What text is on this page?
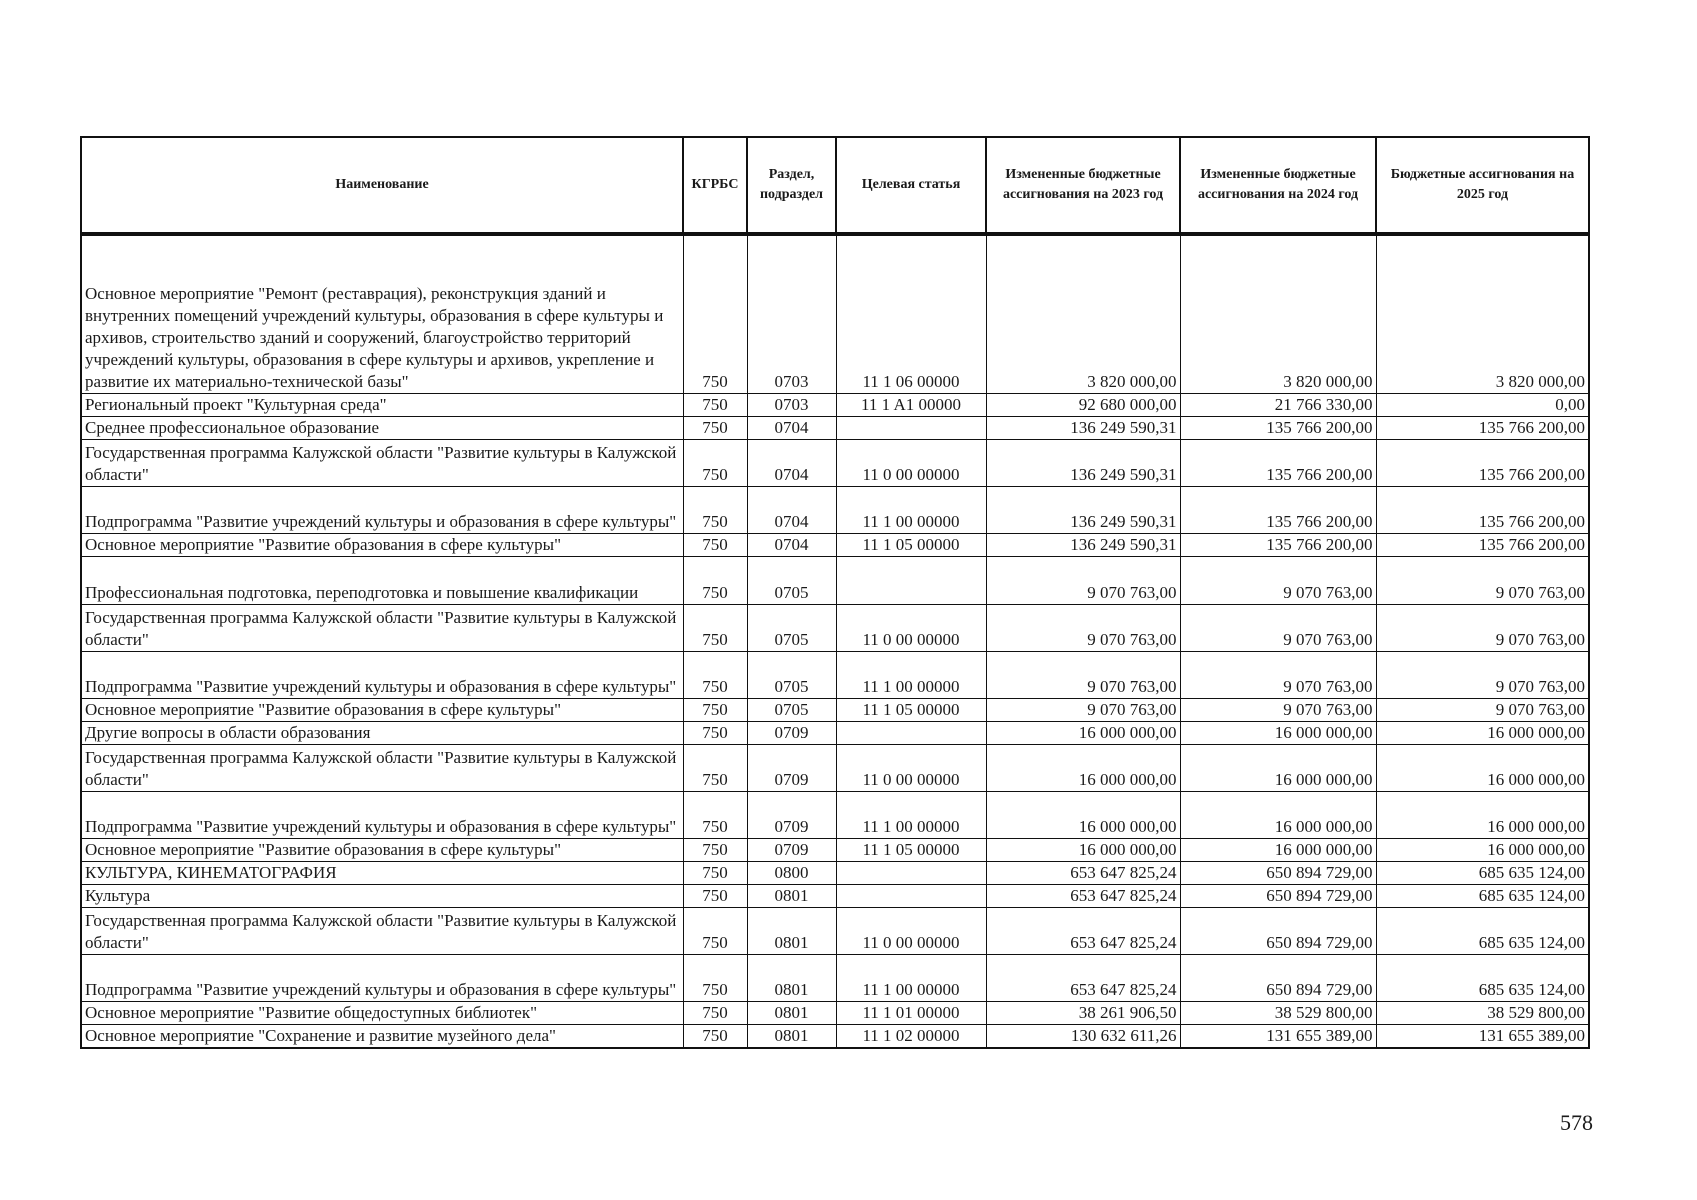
Наименование	КГРБС	Раздел, подраздел	Целевая статья	Измененные бюджетные ассигнования на 2023 год	Измененные бюджетные ассигнования на 2024 год	Бюджетные ассигнования на 2025 год
Основное мероприятие "Ремонт (реставрация), реконструкция зданий и внутренних помещений учреждений культуры, образования в сфере культуры и архивов, строительство зданий и сооружений, благоустройство территорий учреждений культуры, образования в сфере культуры и архивов, укрепление и развитие их материально-технической базы"	750	0703	11 1 06 00000	3 820 000,00	3 820 000,00	3 820 000,00
Региональный проект "Культурная среда"	750	0703	11 1 A1 00000	92 680 000,00	21 766 330,00	0,00
Среднее профессиональное образование	750	0704		136 249 590,31	135 766 200,00	135 766 200,00
Государственная программа Калужской области "Развитие культуры в Калужской области"	750	0704	11 0 00 00000	136 249 590,31	135 766 200,00	135 766 200,00
Подпрограмма "Развитие учреждений культуры и образования в сфере культуры"	750	0704	11 1 00 00000	136 249 590,31	135 766 200,00	135 766 200,00
Основное мероприятие "Развитие образования в сфере культуры"	750	0704	11 1 05 00000	136 249 590,31	135 766 200,00	135 766 200,00
Профессиональная подготовка, переподготовка и повышение квалификации	750	0705		9 070 763,00	9 070 763,00	9 070 763,00
Государственная программа Калужской области "Развитие культуры в Калужской области"	750	0705	11 0 00 00000	9 070 763,00	9 070 763,00	9 070 763,00
Подпрограмма "Развитие учреждений культуры и образования в сфере культуры"	750	0705	11 1 00 00000	9 070 763,00	9 070 763,00	9 070 763,00
Основное мероприятие "Развитие образования в сфере культуры"	750	0705	11 1 05 00000	9 070 763,00	9 070 763,00	9 070 763,00
Другие вопросы в области образования	750	0709		16 000 000,00	16 000 000,00	16 000 000,00
Государственная программа Калужской области "Развитие культуры в Калужской области"	750	0709	11 0 00 00000	16 000 000,00	16 000 000,00	16 000 000,00
Подпрограмма "Развитие учреждений культуры и образования в сфере культуры"	750	0709	11 1 00 00000	16 000 000,00	16 000 000,00	16 000 000,00
Основное мероприятие "Развитие образования в сфере культуры"	750	0709	11 1 05 00000	16 000 000,00	16 000 000,00	16 000 000,00
КУЛЬТУРА, КИНЕМАТОГРАФИЯ	750	0800		653 647 825,24	650 894 729,00	685 635 124,00
Культура	750	0801		653 647 825,24	650 894 729,00	685 635 124,00
Государственная программа Калужской области "Развитие культуры в Калужской области"	750	0801	11 0 00 00000	653 647 825,24	650 894 729,00	685 635 124,00
Подпрограмма "Развитие учреждений культуры и образования в сфере культуры"	750	0801	11 1 00 00000	653 647 825,24	650 894 729,00	685 635 124,00
Основное мероприятие "Развитие общедоступных библиотек"	750	0801	11 1 01 00000	38 261 906,50	38 529 800,00	38 529 800,00
Основное мероприятие "Сохранение и развитие музейного дела"	750	0801	11 1 02 00000	130 632 611,26	131 655 389,00	131 655 389,00
578
